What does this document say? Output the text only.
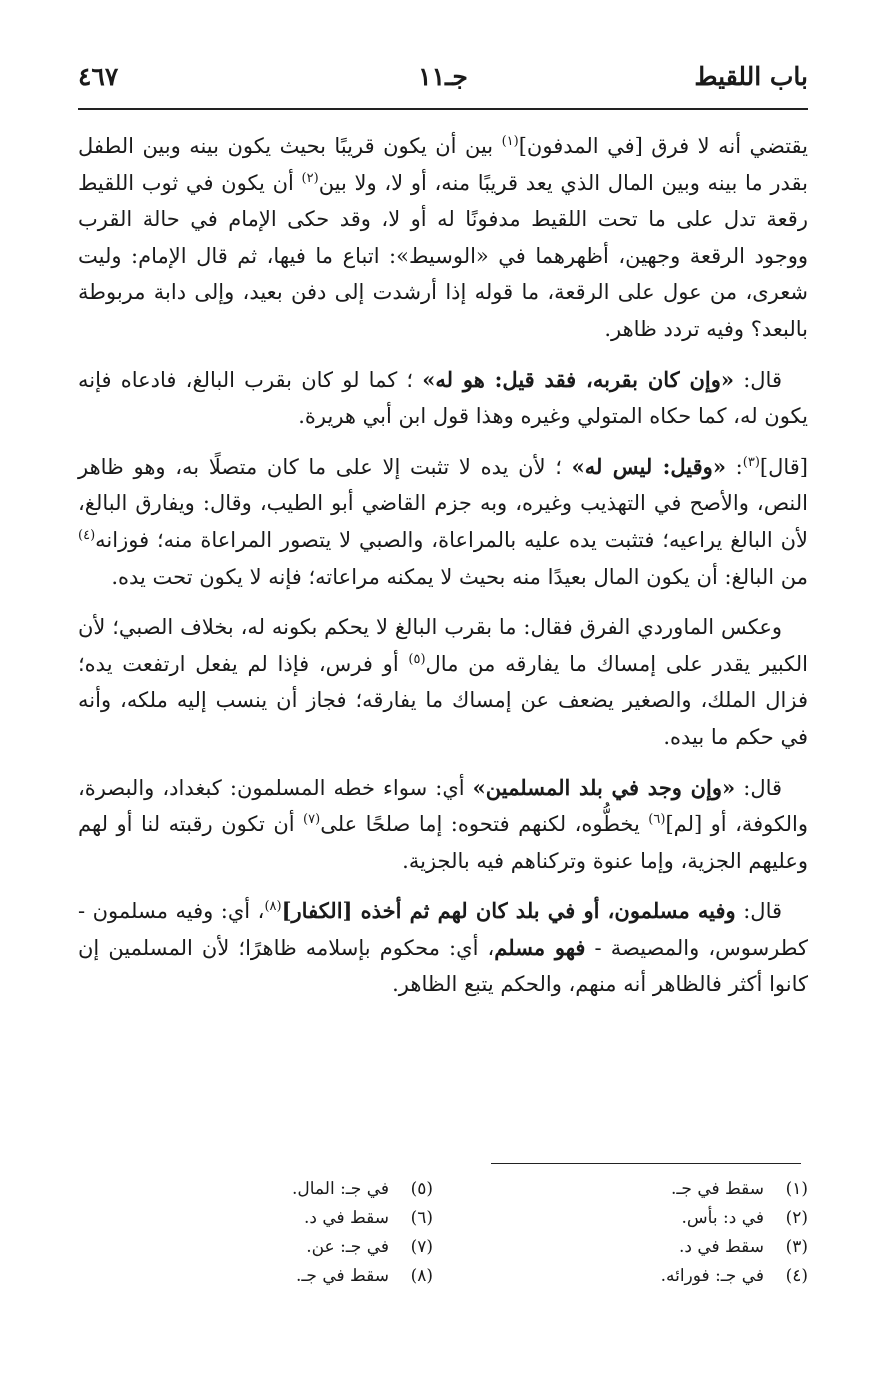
باب اللقيط
جـ١١
٤٦٧

يقتضي أنه لا فرق [في المدفون]$^{(١)}$ بين أن يكون قريبًا بحيث يكون بينه وبين الطفل بقدر ما بينه وبين المال الذي يعد قريبًا منه، أو لا، ولا بين$^{(٢)}$ أن يكون في ثوب اللقيط رقعة تدل على ما تحت اللقيط مدفونًا له أو لا، وقد حكى الإمام في حالة القرب ووجود الرقعة وجهين، أظهرهما في «الوسيط»: اتباع ما فيها، ثم قال الإمام: وليت شعرى، من عول على الرقعة، ما قوله إذا أرشدت إلى دفن بعيد، وإلى دابة مربوطة بالبعد؟ وفيه تردد ظاهر.

قال: «وإن كان بقربه، فقد قيل: هو له» ؛ كما لو كان بقرب البالغ، فادعاه فإنه يكون له، كما حكاه المتولي وغيره وهذا قول ابن أبي هريرة.

[قال]$^{(٣)}$: «وقيل: ليس له» ؛ لأن يده لا تثبت إلا على ما كان متصلًا به، وهو ظاهر النص، والأصح في التهذيب وغيره، وبه جزم القاضي أبو الطيب، وقال: ويفارق البالغ، لأن البالغ يراعيه؛ فتثبت يده عليه بالمراعاة، والصبي لا يتصور المراعاة منه؛ فوزانه$^{(٤)}$ من البالغ: أن يكون المال بعيدًا منه بحيث لا يمكنه مراعاته؛ فإنه لا يكون تحت يده.

وعكس الماوردي الفرق فقال: ما بقرب البالغ لا يحكم بكونه له، بخلاف الصبي؛ لأن الكبير يقدر على إمساك ما يفارقه من مال$^{(٥)}$ أو فرس، فإذا لم يفعل ارتفعت يده؛ فزال الملك، والصغير يضعف عن إمساك ما يفارقه؛ فجاز أن ينسب إليه ملكه، وأنه في حكم ما بيده.

قال: «وإن وجد في بلد المسلمين» أي: سواء خطه المسلمون: كبغداد، والبصرة، والكوفة، أو [لم]$^{(٦)}$ يخطُّوه، لكنهم فتحوه: إما صلحًا على$^{(٧)}$ أن تكون رقبته لنا أو لهم وعليهم الجزية، وإما عنوة وتركناهم فيه بالجزية.

قال: وفيه مسلمون، أو في بلد كان لهم ثم أخذه [الكفار]$^{(٨)}$، أي: وفيه مسلمون - كطرسوس، والمصيصة - فهو مسلم، أي: محكوم بإسلامه ظاهرًا؛ لأن المسلمين إن كانوا أكثر فالظاهر أنه منهم، والحكم يتبع الظاهر.

(١)سقط في جـ.
(٢)في د: بأس.
(٣)سقط في د.
(٤)في جـ: فورائه.
(٥)في جـ: المال.
(٦)سقط في د.
(٧)في جـ: عن.
(٨)سقط في جـ.
